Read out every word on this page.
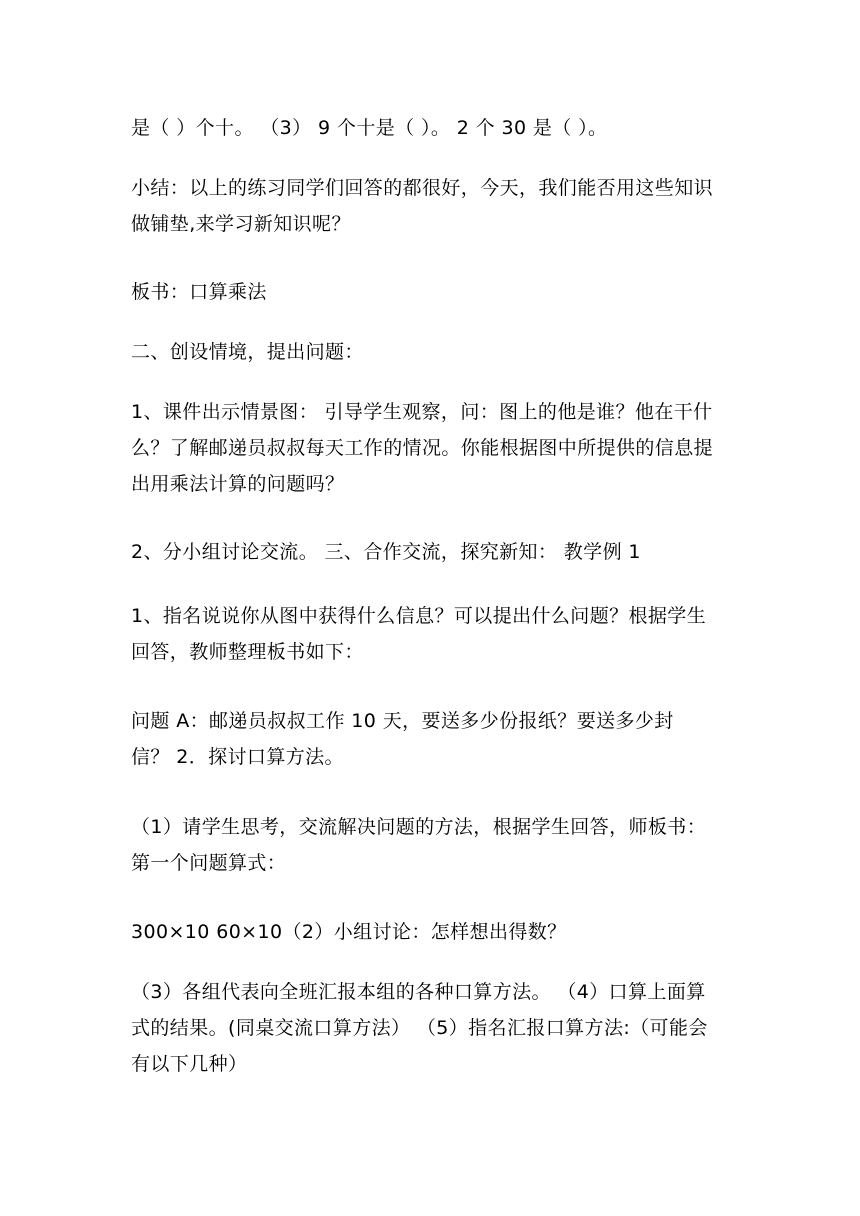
是（ ）个十。 （3） 9 个十是（ ）。 2 个 30 是（ ）。
小结：以上的练习同学们回答的都很好，今天，我们能否用这些知识
做铺垫,来学习新知识呢？
板书：口算乘法
二、创设情境，提出问题：
1、课件出示情景图： 引导学生观察，问：图上的他是谁？他在干什
么？了解邮递员叔叔每天工作的情况。你能根据图中所提供的信息提
出用乘法计算的问题吗？
2、分小组讨论交流。 三、合作交流，探究新知： 教学例 1
1、指名说说你从图中获得什么信息？可以提出什么问题？根据学生
回答，教师整理板书如下：
问题 A：邮递员叔叔工作 10 天，要送多少份报纸？要送多少封
信？ 2．探讨口算方法。
（1）请学生思考，交流解决问题的方法，根据学生回答，师板书：
第一个问题算式：
300×10 60×10（2）小组讨论：怎样想出得数？
（3）各组代表向全班汇报本组的各种口算方法。 （4）口算上面算
式的结果。(同桌交流口算方法） （5）指名汇报口算方法:（可能会
有以下几种）
